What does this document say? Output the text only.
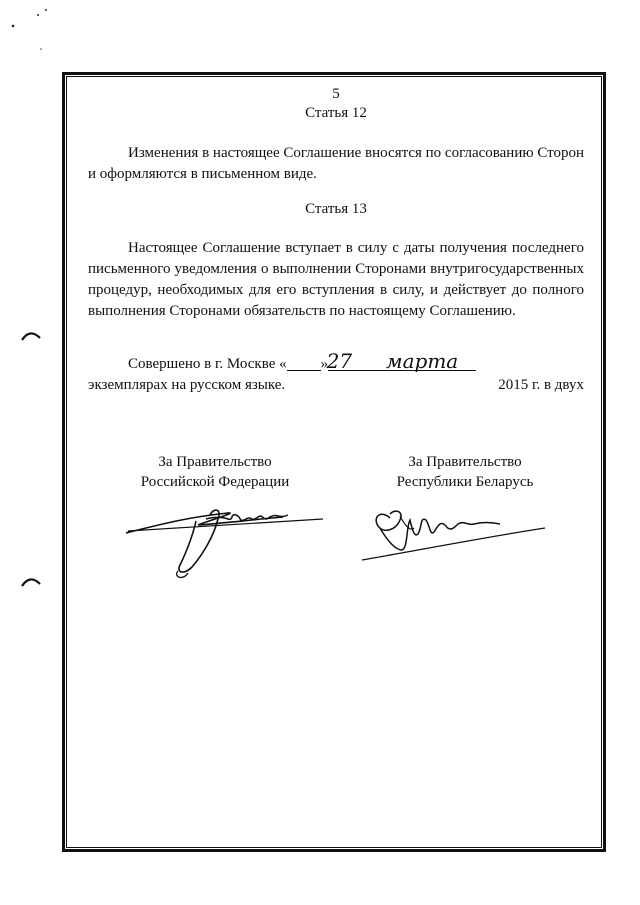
5
Статья 12
Изменения в настоящее Соглашение вносятся по согласованию Сторон и оформляются в письменном виде.
Статья 13
Настоящее Соглашение вступает в силу с даты получения последнего письменного уведомления о выполнении Сторонами внутригосударственных процедур, необходимых для его вступления в силу, и действует до полного выполнения Сторонами обязательств по настоящему Соглашению.
Совершено в г. Москве « 27»	марта
2015 г. в двух
экземплярах на русском языке.
За Правительство
Российской Федерации
За Правительство
Республики Беларусь
